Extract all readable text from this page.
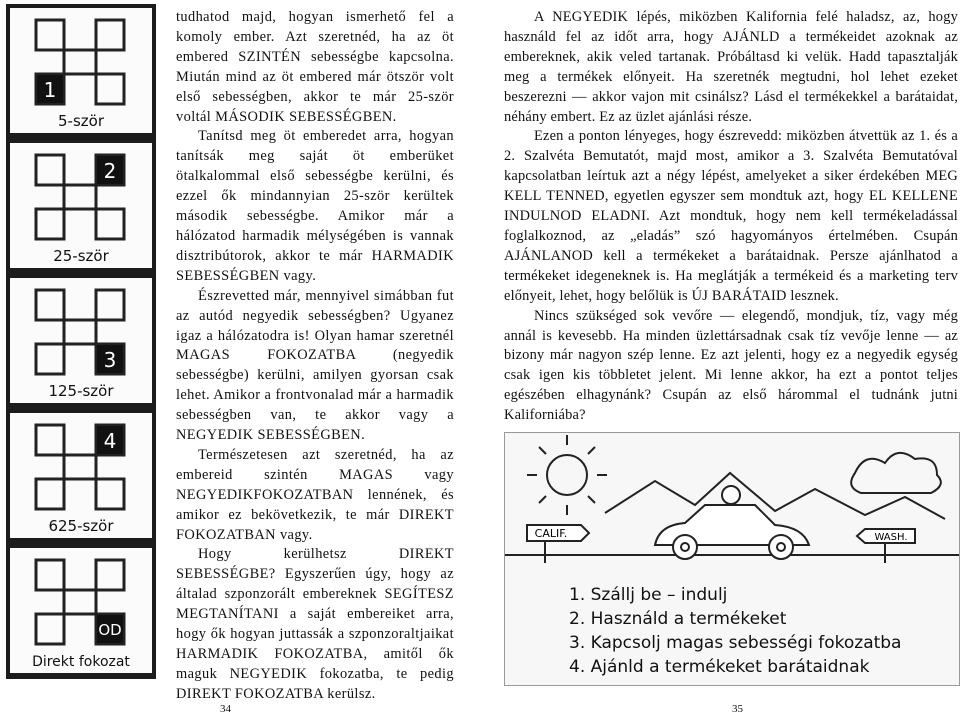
1
5-ször
2
25-ször
3
125-ször
4
625-ször
OD
Direkt fokozat

tudhatod majd, hogyan ismerhető fel a komoly ember. Azt szeretnéd, ha az öt embered SZINTÉN sebességbe kapcsolna. Miután mind az öt embered már ötször volt első sebességben, akkor te már 25-ször voltál MÁSODIK SEBESSÉGBEN.

Tanítsd meg öt emberedet arra, hogyan tanítsák meg saját öt emberüket ötalkalommal első sebességbe kerülni, és ezzel ők mindannyian 25-ször kerültek második sebességbe. Amikor már a hálózatod harmadik mélységében is vannak disztribútorok, akkor te már HARMADIK SEBESSÉGBEN vagy.

Észrevetted már, mennyivel simábban fut az autód negyedik sebességben? Ugyanez igaz a hálózatodra is! Olyan hamar szeretnél MAGAS FOKOZATBA (negyedik sebességbe) kerülni, amilyen gyorsan csak lehet. Amikor a frontvonalad már a harmadik sebességben van, te akkor vagy a NEGYEDIK SEBESSÉGBEN.

Természetesen azt szeretnéd, ha az embereid szintén MAGAS vagy NEGYEDIKFOKOZATBAN lennének, és amikor ez bekövetkezik, te már DIREKT FOKOZATBAN vagy.

Hogy kerülhetsz DIREKT SEBESSÉGBE? Egyszerűen úgy, hogy az általad szponzorált embereknek SEGÍTESZ MEGTANÍTANI a saját embereiket arra, hogy ők hogyan juttassák a szponzoraltjaikat HARMADIK FOKOZATBA, amitől ők maguk NEGYEDIK fokozatba, te pedig DIREKT FOKOZATBA kerülsz.

34

A NEGYEDIK lépés, miközben Kalifornia felé haladsz, az, hogy használd fel az időt arra, hogy AJÁNLD a termékeidet azoknak az embereknek, akik veled tartanak. Próbáltasd ki velük. Hadd tapasztalják meg a termékek előnyeit. Ha szeretnék megtudni, hol lehet ezeket beszerezni — akkor vajon mit csinálsz? Lásd el termékekkel a barátaidat, néhány embert. Ez az üzlet ajánlási része.

Ezen a ponton lényeges, hogy észrevedd: miközben átvettük az 1. és a 2. Szalvéta Bemutatót, majd most, amikor a 3. Szalvéta Bemutatóval kapcsolatban leírtuk azt a négy lépést, amelyeket a siker érdekében MEG KELL TENNED, egyetlen egyszer sem mondtuk azt, hogy EL KELLENE INDULNOD ELADNI. Azt mondtuk, hogy nem kell termékeladással foglalkoznod, az „eladás” szó hagyományos értelmében. Csupán AJÁNLANOD kell a termékeket a barátaidnak. Persze ajánlhatod a termékeket idegeneknek is. Ha meglátják a termékeid és a marketing terv előnyeit, lehet, hogy belőlük is ÚJ BARÁTAID lesznek.

Nincs szükséged sok vevőre — elegendő, mondjuk, tíz, vagy még annál is kevesebb. Ha minden üzlettársadnak csak tíz vevője lenne — az bizony már nagyon szép lenne. Ez azt jelenti, hogy ez a negyedik egység csak igen kis többletet jelent. Mi lenne akkor, ha ezt a pontot teljes egészében elhagynánk? Csupán az első hárommal el tudnánk jutni Kaliforniába?

CALIF.	WASH.
1. Szállj be – indulj
2. Használd a termékeket
3. Kapcsolj magas sebességi fokozatba
4. Ajánld a termékeket barátaidnak
35
